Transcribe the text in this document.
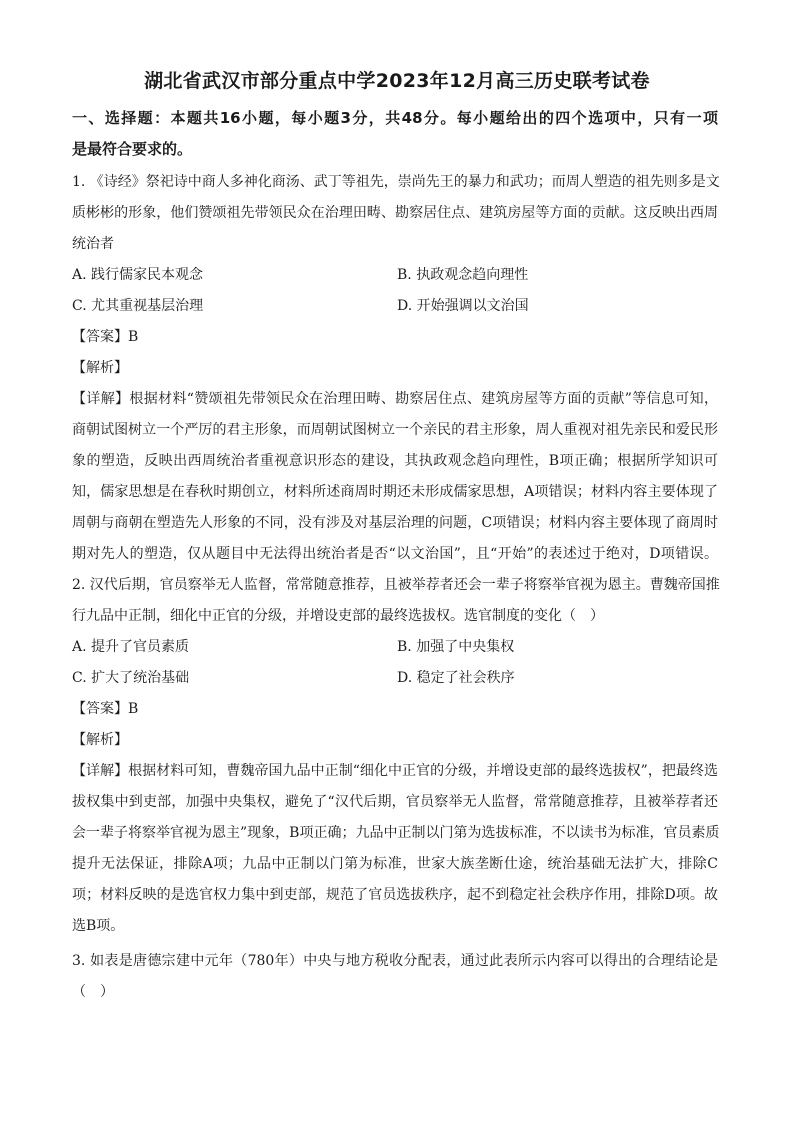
湖北省武汉市部分重点中学2023年12月高三历史联考试卷
一、选择题：本题共16小题，每小题3分，共48分。每小题给出的四个选项中，只有一项
是最符合要求的。
1. 《诗经》祭祀诗中商人多神化商汤、武丁等祖先，崇尚先王的暴力和武功；而周人塑造的祖先则多是文
质彬彬的形象，他们赞颂祖先带领民众在治理田畴、勘察居住点、建筑房屋等方面的贡献。这反映出西周
统治者
A. 践行儒家民本观念	B. 执政观念趋向理性
C. 尤其重视基层治理	D. 开始强调以文治国
【答案】B
【解析】
【详解】根据材料“赞颂祖先带领民众在治理田畴、勘察居住点、建筑房屋等方面的贡献”等信息可知，
商朝试图树立一个严厉的君主形象，而周朝试图树立一个亲民的君主形象，周人重视对祖先亲民和爱民形
象的塑造，反映出西周统治者重视意识形态的建设，其执政观念趋向理性，B项正确；根据所学知识可
知，儒家思想是在春秋时期创立，材料所述商周时期还未形成儒家思想，A项错误；材料内容主要体现了
周朝与商朝在塑造先人形象的不同，没有涉及对基层治理的问题，C项错误；材料内容主要体现了商周时
期对先人的塑造，仅从题目中无法得出统治者是否“以文治国”，且“开始”的表述过于绝对，D项错误。
2. 汉代后期，官员察举无人监督，常常随意推荐，且被举荐者还会一辈子将察举官视为恩主。曹魏帝国推
行九品中正制，细化中正官的分级，并增设吏部的最终选拔权。选官制度的变化（　）
A. 提升了官员素质	B. 加强了中央集权
C. 扩大了统治基础	D. 稳定了社会秩序
【答案】B
【解析】
【详解】根据材料可知，曹魏帝国九品中正制“细化中正官的分级，并增设吏部的最终选拔权”，把最终选
拔权集中到吏部，加强中央集权，避免了“汉代后期，官员察举无人监督，常常随意推荐，且被举荐者还
会一辈子将察举官视为恩主”现象，B项正确；九品中正制以门第为选拔标准，不以读书为标准，官员素质
提升无法保证，排除A项；九品中正制以门第为标准，世家大族垄断仕途，统治基础无法扩大，排除C
项；材料反映的是选官权力集中到吏部，规范了官员选拔秩序，起不到稳定社会秩序作用，排除D项。故
选B项。
3. 如表是唐德宗建中元年（780年）中央与地方税收分配表，通过此表所示内容可以得出的合理结论是
（　）
